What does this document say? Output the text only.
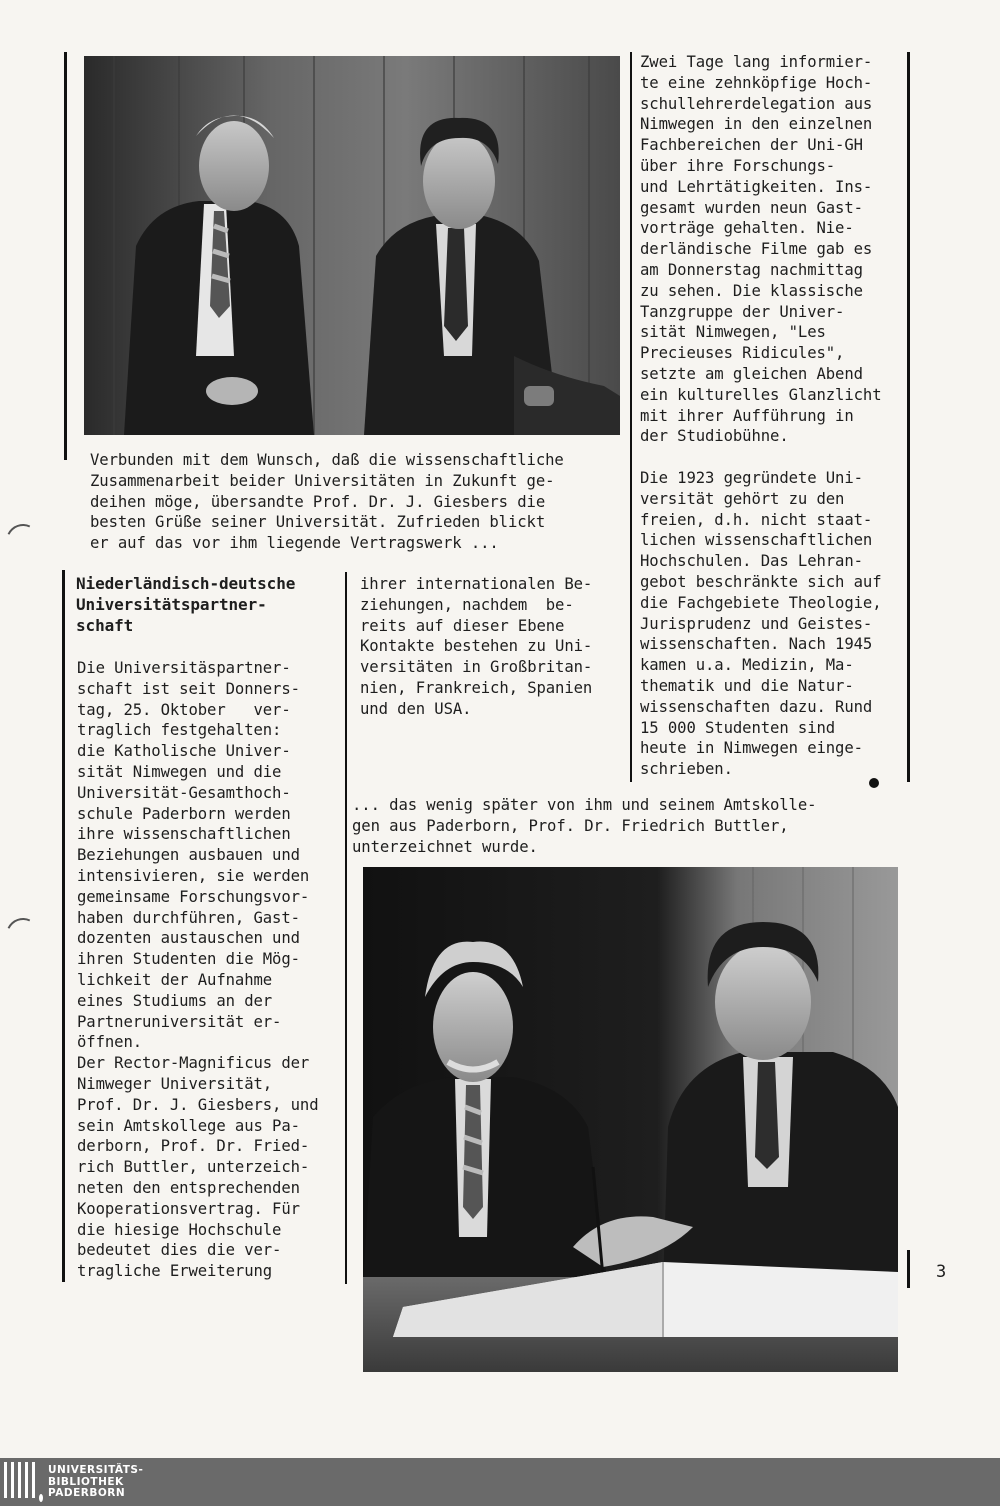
Verbunden mit dem Wunsch, daß die wissenschaftliche
Zusammenarbeit beider Universitäten in Zukunft ge-
deihen möge, übersandte Prof. Dr. J. Giesbers die
besten Grüße seiner Universität. Zufrieden blickt
er auf das vor ihm liegende Vertragswerk ...
Zwei Tage lang informier-
te eine zehnköpfige Hoch-
schullehrerdelegation aus
Nimwegen in den einzelnen
Fachbereichen der Uni-GH
über ihre Forschungs-
und Lehrtätigkeiten. Ins-
gesamt wurden neun Gast-
vorträge gehalten. Nie-
derländische Filme gab es
am Donnerstag nachmittag
zu sehen. Die klassische
Tanzgruppe der Univer-
sität Nimwegen, "Les
Precieuses Ridicules",
setzte am gleichen Abend
ein kulturelles Glanzlicht
mit ihrer Aufführung in
der Studiobühne.

Die 1923 gegründete Uni-
versität gehört zu den
freien, d.h. nicht staat-
lichen wissenschaftlichen
Hochschulen. Das Lehran-
gebot beschränkte sich auf
die Fachgebiete Theologie,
Jurisprudenz und Geistes-
wissenschaften. Nach 1945
kamen u.a. Medizin, Ma-
thematik und die Natur-
wissenschaften dazu. Rund
15 000 Studenten sind
heute in Nimwegen einge-
schrieben.
Niederländisch-deutsche
Universitätspartner-
schaft
Die Universitäspartner-
schaft ist seit Donners-
tag, 25. Oktober   ver-
traglich festgehalten:
die Katholische Univer-
sität Nimwegen und die
Universität-Gesamthoch-
schule Paderborn werden
ihre wissenschaftlichen
Beziehungen ausbauen und
intensivieren, sie werden
gemeinsame Forschungsvor-
haben durchführen, Gast-
dozenten austauschen und
ihren Studenten die Mög-
lichkeit der Aufnahme
eines Studiums an der
Partneruniversität er-
öffnen.
Der Rector-Magnificus der
Nimweger Universität,
Prof. Dr. J. Giesbers, und
sein Amtskollege aus Pa-
derborn, Prof. Dr. Fried-
rich Buttler, unterzeich-
neten den entsprechenden
Kooperationsvertrag. Für
die hiesige Hochschule
bedeutet dies die ver-
tragliche Erweiterung
ihrer internationalen Be-
ziehungen, nachdem  be-
reits auf dieser Ebene
Kontakte bestehen zu Uni-
versitäten in Großbritan-
nien, Frankreich, Spanien
und den USA.
... das wenig später von ihm und seinem Amtskolle-
gen aus Paderborn, Prof. Dr. Friedrich Buttler,
unterzeichnet wurde.
3
UNIVERSITÄTS-
BIBLIOTHEK
PADERBORN
